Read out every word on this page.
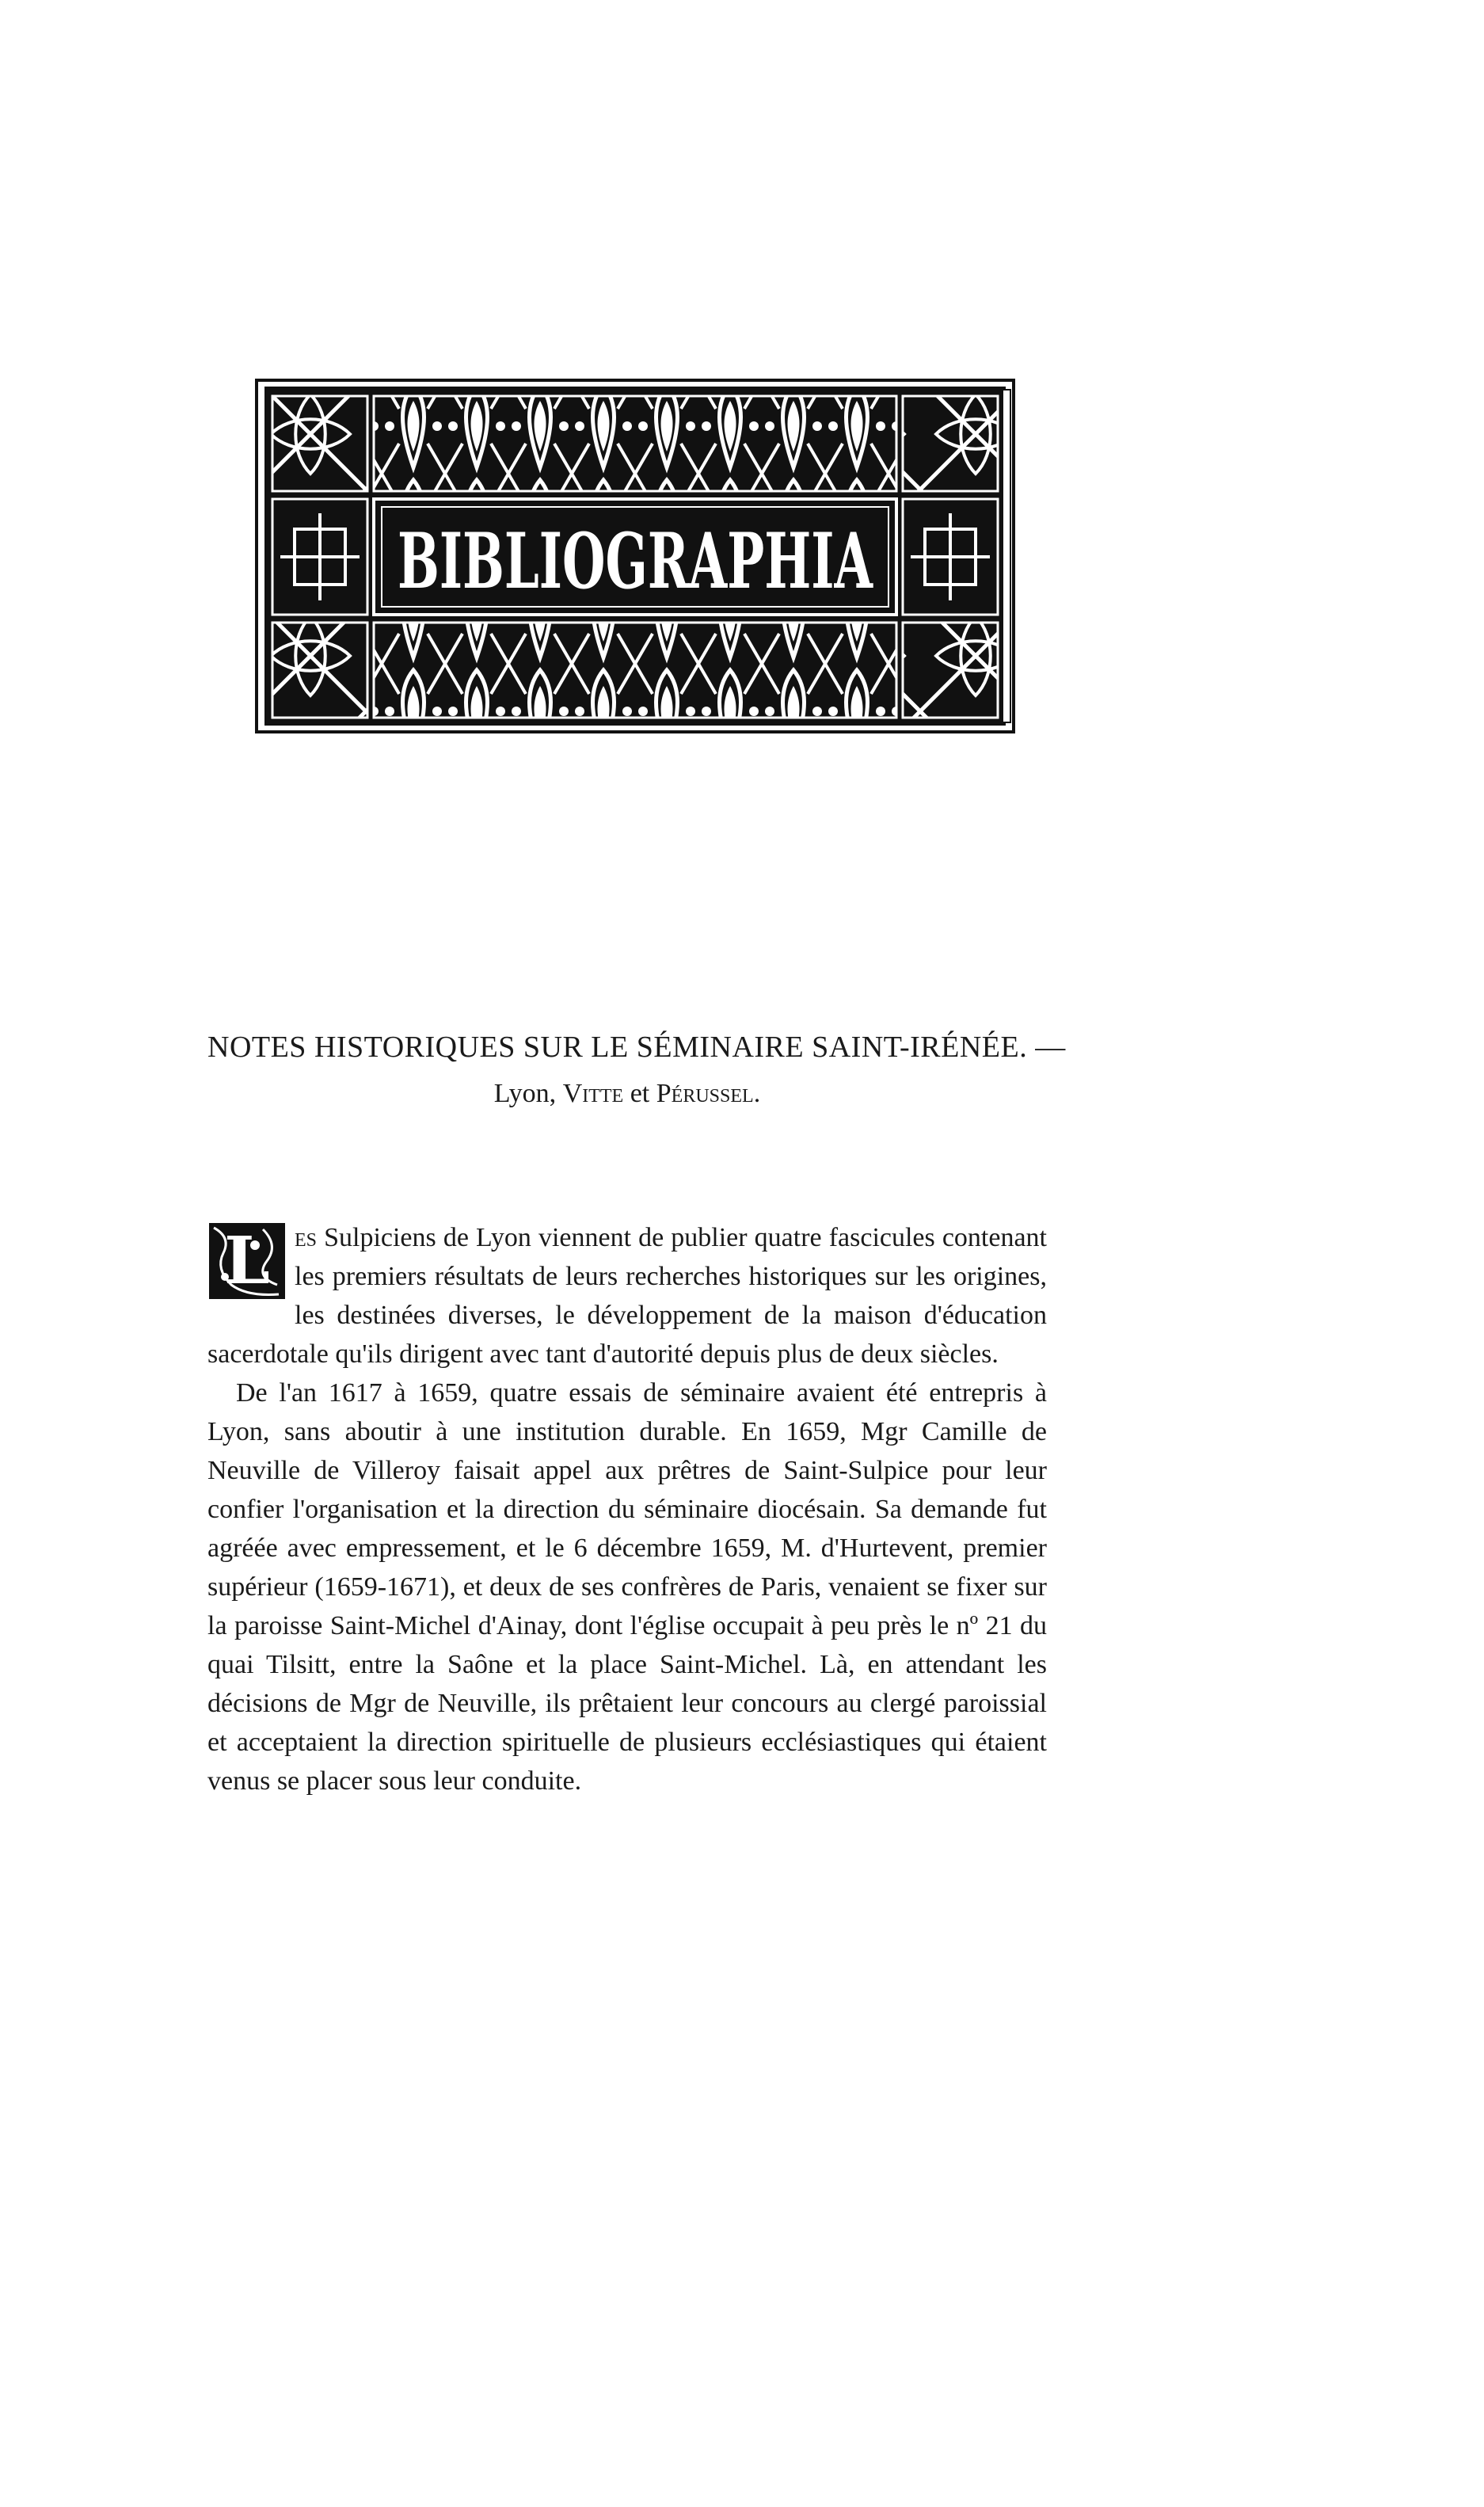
BIBLIOGRAPHIA
NOTES HISTORIQUES SUR LE SÉMINAIRE SAINT-IRÉNÉE. —
Lyon, Vitte et Pérussel.

L es Sulpiciens de Lyon viennent de publier quatre fascicules contenant les premiers résultats de leurs recherches historiques sur les origines, les destinées diverses, le développement de la maison d'éducation sacerdotale qu'ils dirigent avec tant d'autorité depuis plus de deux siècles.

De l'an 1617 à 1659, quatre essais de séminaire avaient été entrepris à Lyon, sans aboutir à une institution durable. En 1659, Mgr Camille de Neuville de Villeroy faisait appel aux prêtres de Saint-Sulpice pour leur confier l'organisation et la direction du séminaire diocésain. Sa demande fut agréée avec empressement, et le 6 décembre 1659, M. d'Hurtevent, premier supérieur (1659-1671), et deux de ses confrères de Paris, venaient se fixer sur la paroisse Saint-Michel d'Ainay, dont l'église occupait à peu près le nº 21 du quai Tilsitt, entre la Saône et la place Saint-Michel. Là, en attendant les décisions de Mgr de Neuville, ils prêtaient leur concours au clergé paroissial et acceptaient la direction spirituelle de plusieurs ecclésiastiques qui étaient venus se placer sous leur conduite.
